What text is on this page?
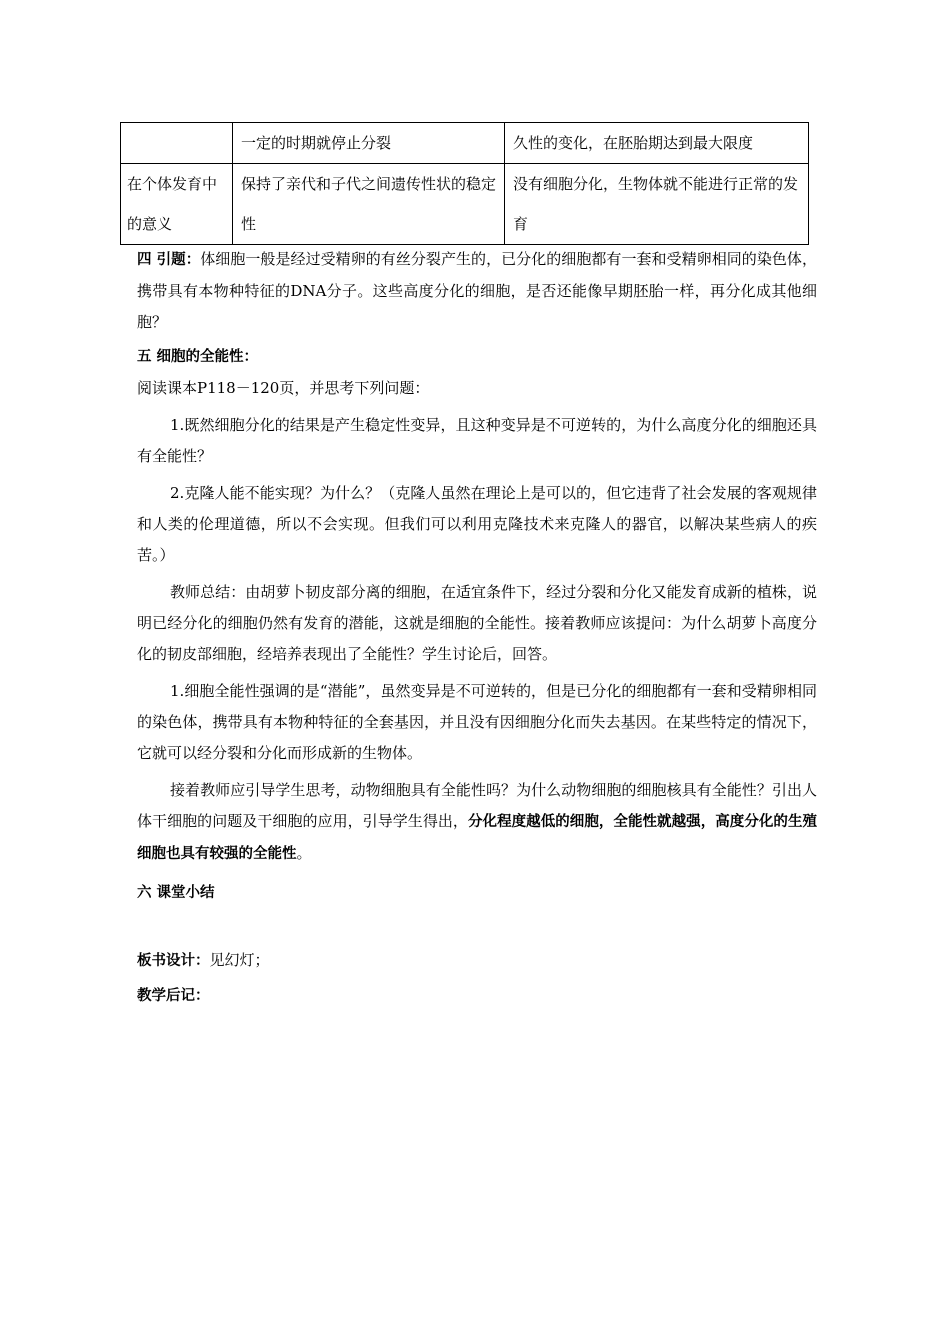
	一定的时期就停止分裂	久性的变化，在胚胎期达到最大限度
在个体发育中的意义	保持了亲代和子代之间遗传性状的稳定性	没有细胞分化，生物体就不能进行正常的发育

四 引题：体细胞一般是经过受精卵的有丝分裂产生的，已分化的细胞都有一套和受精卵相同的染色体，携带具有本物种特征的DNA分子。这些高度分化的细胞，是否还能像早期胚胎一样，再分化成其他细胞？

五 细胞的全能性：

阅读课本P118－120页，并思考下列问题：

1.既然细胞分化的结果是产生稳定性变异，且这种变异是不可逆转的，为什么高度分化的细胞还具有全能性？

2.克隆人能不能实现？为什么？（克隆人虽然在理论上是可以的，但它违背了社会发展的客观规律和人类的伦理道德，所以不会实现。但我们可以利用克隆技术来克隆人的器官，以解决某些病人的疾苦。）

教师总结：由胡萝卜韧皮部分离的细胞，在适宜条件下，经过分裂和分化又能发育成新的植株，说明已经分化的细胞仍然有发育的潜能，这就是细胞的全能性。接着教师应该提问：为什么胡萝卜高度分化的韧皮部细胞，经培养表现出了全能性？学生讨论后，回答。

1.细胞全能性强调的是“潜能”，虽然变异是不可逆转的，但是已分化的细胞都有一套和受精卵相同的染色体，携带具有本物种特征的全套基因，并且没有因细胞分化而失去基因。在某些特定的情况下，它就可以经分裂和分化而形成新的生物体。

接着教师应引导学生思考，动物细胞具有全能性吗？为什么动物细胞的细胞核具有全能性？引出人体干细胞的问题及干细胞的应用，引导学生得出，分化程度越低的细胞，全能性就越强，高度分化的生殖细胞也具有较强的全能性。

六 课堂小结

板书设计：见幻灯；

教学后记：
